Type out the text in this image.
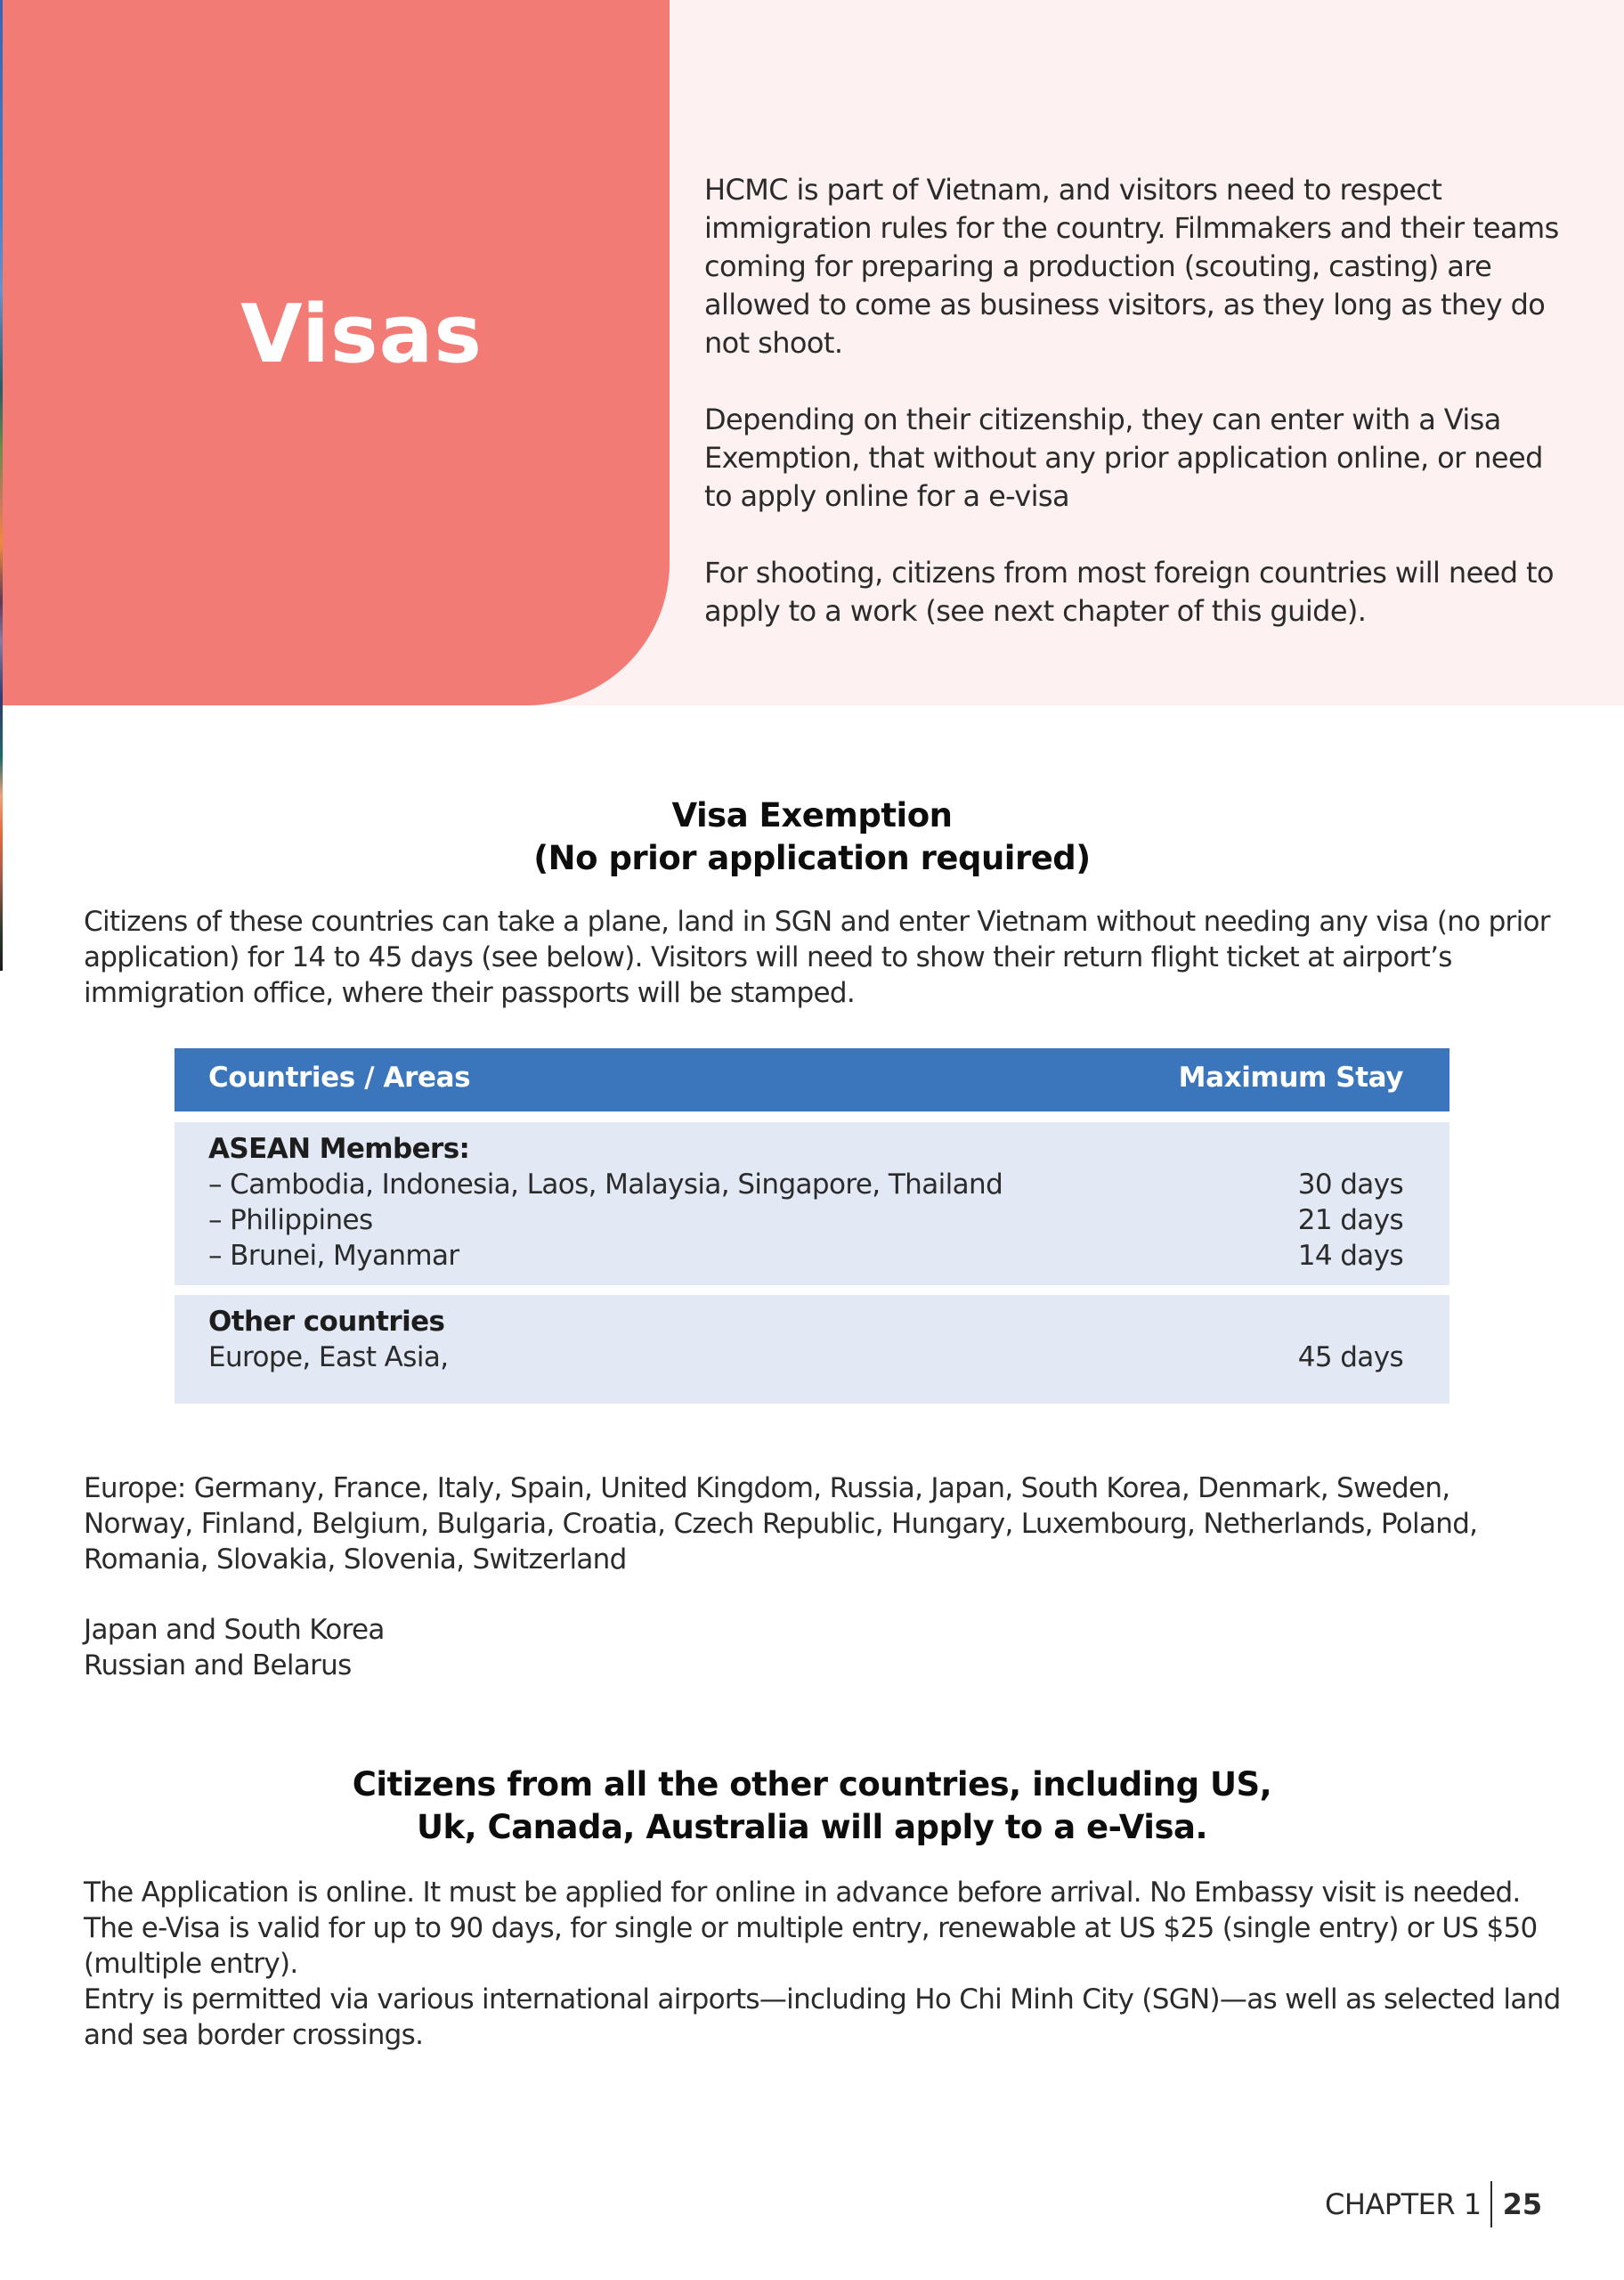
Visas

HCMC is part of Vietnam, and visitors need to respect immigration rules for the country. Filmmakers and their teams coming for preparing a production (scouting, casting) are allowed to come as business visitors, as they long as they do not shoot.

Depending on their citizenship, they can enter with a Visa Exemption, that without any prior application online, or need to apply online for a e-visa

For shooting, citizens from most foreign countries will need to apply to a work (see next chapter of this guide).

Visa Exemption
(No prior application required)

Citizens of these countries can take a plane, land in SGN and enter Vietnam without needing any visa (no prior application) for 14 to 45 days (see below). Visitors will need to show their return flight ticket at airport’s immigration office, where their passports will be stamped.

Countries / Areas	Maximum Stay
ASEAN Members:
– Cambodia, Indonesia, Laos, Malaysia, Singapore, Thailand
– Philippines
– Brunei, Myanmar

30 days
21 days
14 days
Other countries
Europe, East Asia,
	45 days

Europe: Germany, France, Italy, Spain, United Kingdom, Russia, Japan, South Korea, Denmark, Sweden, Norway, Finland, Belgium, Bulgaria, Croatia, Czech Republic, Hungary, Luxembourg, Netherlands, Poland, Romania, Slovakia, Slovenia, Switzerland

Japan and South Korea
Russian and Belarus
Citizens from all the other countries, including US,
Uk, Canada, Australia will apply to a e-Visa.
The Application is online. It must be applied for online in advance before arrival. No Embassy visit is needed.
The e-Visa is valid for up to 90 days, for single or multiple entry, renewable at US $25 (single entry) or US $50 (multiple entry).
Entry is permitted via various international airports—including Ho Chi Minh City (SGN)—as well as selected land and sea border crossings.
CHAPTER 1 25
